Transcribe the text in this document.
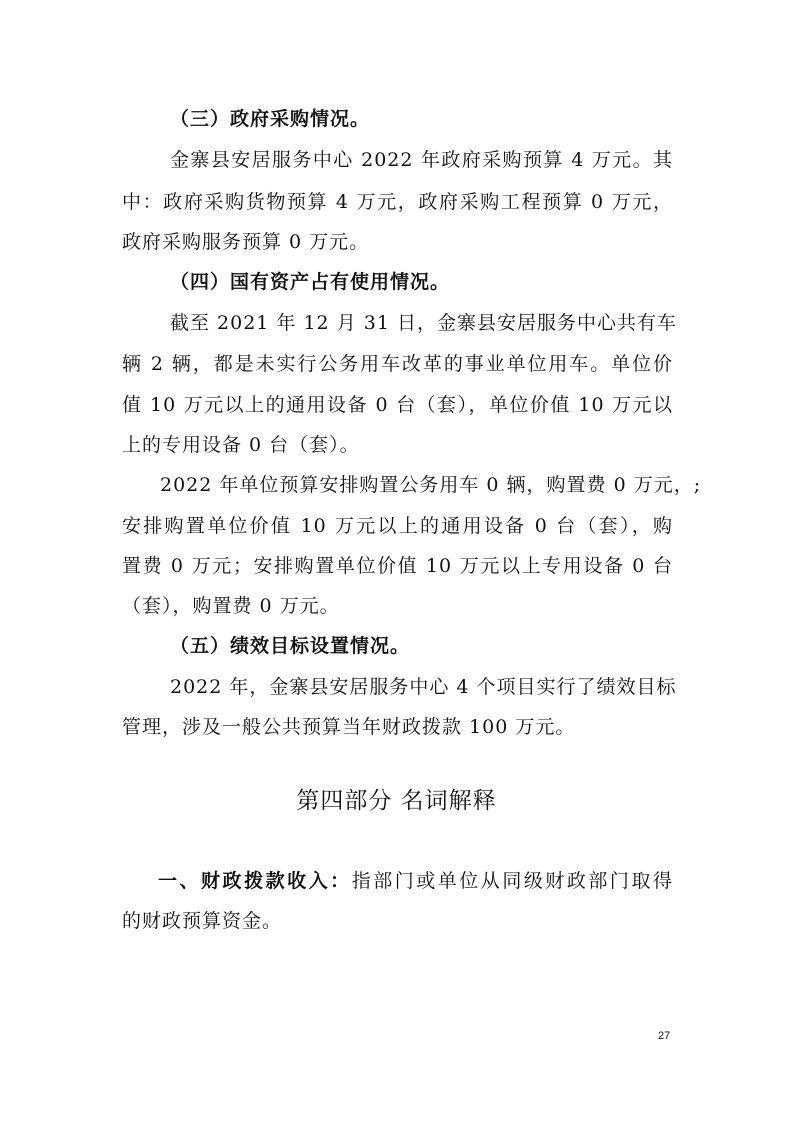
（三）政府采购情况。
金寨县安居服务中心 2022 年政府采购预算 4 万元。其
中：政府采购货物预算 4 万元，政府采购工程预算 0 万元，
政府采购服务预算 0 万元。
（四）国有资产占有使用情况。
截至 2021 年 12 月 31 日，金寨县安居服务中心共有车
辆 2 辆，都是未实行公务用车改革的事业单位用车。单位价
值 10 万元以上的通用设备 0 台（套），单位价值 10 万元以
上的专用设备 0 台（套）。
2022 年单位预算安排购置公务用车 0 辆，购置费 0 万元，;
安排购置单位价值 10 万元以上的通用设备 0 台（套），购
置费 0 万元；安排购置单位价值 10 万元以上专用设备 0 台
（套），购置费 0 万元。
（五）绩效目标设置情况。
2022 年，金寨县安居服务中心 4 个项目实行了绩效目标
管理，涉及一般公共预算当年财政拨款 100 万元。
第四部分 名词解释
一、财政拨款收入：指部门或单位从同级财政部门取得
的财政预算资金。
27
